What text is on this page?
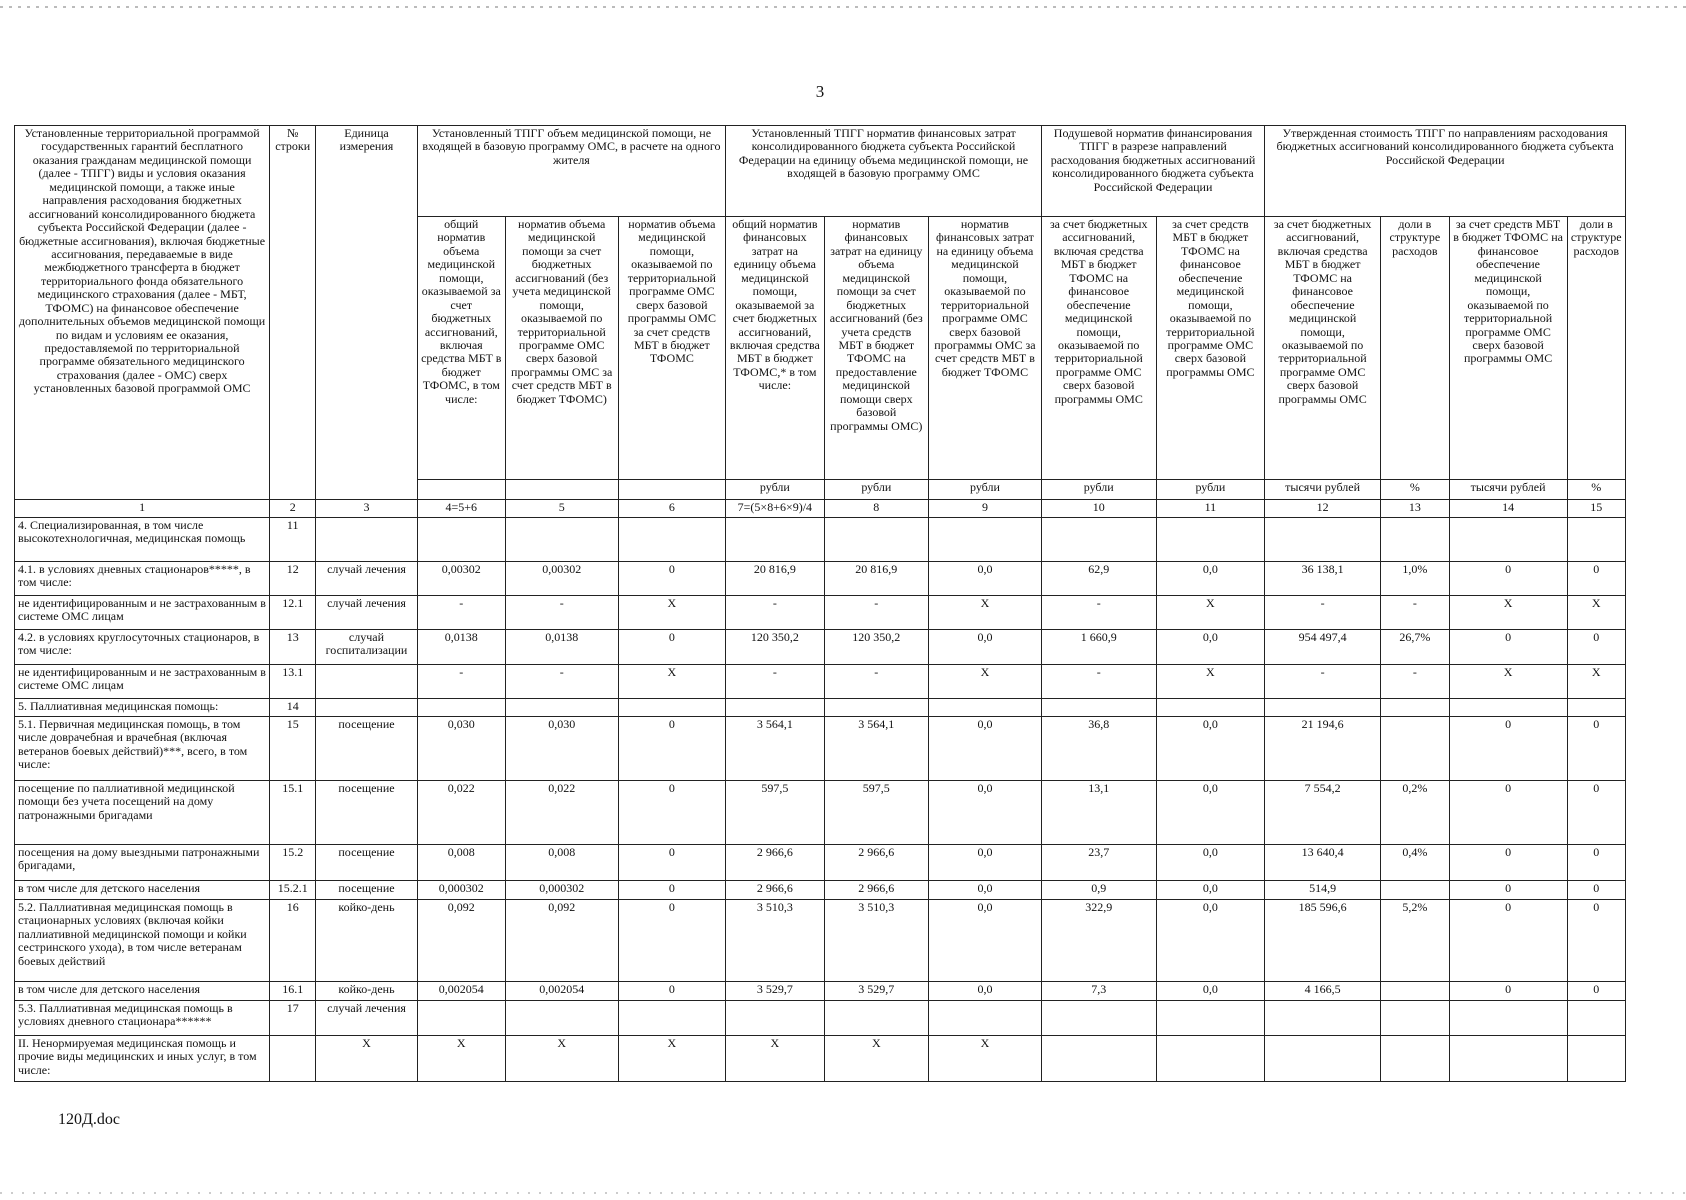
3
Установленные территориальной программой государственных гарантий бесплатного оказания гражданам медицинской помощи (далее - ТПГГ) виды и условия оказания медицинской помощи, а также иные направления расходования бюджетных ассигнований консолидированного бюджета субъекта Российской Федерации (далее - бюджетные ассигнования), включая бюджетные ассигнования, передаваемые в виде межбюджетного трансферта в бюджет территориального фонда обязательного медицинского страхования (далее - МБТ, ТФОМС) на финансовое обеспечение дополнительных объемов медицинской помощи по видам и условиям ее оказания, предоставляемой по территориальной программе обязательного медицинского страхования (далее - ОМС) сверх установленных базовой программой ОМС	№ строки	Единица измерения	Установленный ТПГГ объем медицинской помощи, не входящей в базовую программу ОМС, в расчете на одного жителя			Установленный ТПГГ норматив финансовых затрат консолидированного бюджета субъекта Российской Федерации на единицу объема медицинской помощи, не входящей в базовую программу ОМС			Подушевой норматив финансирования ТПГГ в разрезе направлений расходования бюджетных ассигнований консолидированного бюджета субъекта Российской Федерации		Утвержденная стоимость ТПГГ по направлениям расходования бюджетных ассигнований консолидированного бюджета субъекта Российской Федерации			
			общий норматив объема медицинской помощи, оказываемой за счет бюджетных ассигнований, включая средства МБТ в бюджет ТФОМС, в том числе:	норматив объема медицинской помощи за счет бюджетных ассигнований (без учета медицинской помощи, оказываемой по территориальной программе ОМС сверх базовой программы ОМС за счет средств МБТ в бюджет ТФОМС)	норматив объема медицинской помощи, оказываемой по территориальной программе ОМС сверх базовой программы ОМС за счет средств МБТ в бюджет ТФОМС	общий норматив финансовых затрат на единицу объема медицинской помощи, оказываемой за счет бюджетных ассигнований, включая средства МБТ в бюджет ТФОМС,* в том числе:	норматив финансовых затрат на единицу объема медицинской помощи за счет бюджетных ассигнований (без учета средств МБТ в бюджет ТФОМС на предоставление медицинской помощи сверх базовой программы ОМС)	норматив финансовых затрат на единицу объема медицинской помощи, оказываемой по территориальной программе ОМС сверх базовой программы ОМС за счет средств МБТ в бюджет ТФОМС	за счет бюджетных ассигнований, включая средства МБТ в бюджет ТФОМС на финансовое обеспечение медицинской помощи, оказываемой по территориальной программе ОМС сверх базовой программы ОМС	за счет средств МБТ в бюджет ТФОМС на финансовое обеспечение медицинской помощи, оказываемой по территориальной программе ОМС сверх базовой программы ОМС	за счет бюджетных ассигнований, включая средства МБТ в бюджет ТФОМС на финансовое обеспечение медицинской помощи, оказываемой по территориальной программе ОМС сверх базовой программы ОМС	доли в структуре расходов	за счет средств МБТ в бюджет ТФОМС на финансовое обеспечение медицинской помощи, оказываемой по территориальной программе ОМС сверх базовой программы ОМС	доли в структуре расходов
						рубли	рубли	рубли	рубли	рубли	тысячи рублей	%	тысячи рублей	%
1	2	3	4=5+6	5	6	7=(5×8+6×9)/4	8	9	10	11	12	13	14	15
4. Специализированная, в том числе высокотехнологичная, медицинская помощь	11													
4.1. в условиях дневных стационаров*****, в том числе:	12	случай лечения	0,00302	0,00302	0	20 816,9	20 816,9	0,0	62,9	0,0	36 138,1	1,0%	0	0
не идентифицированным и не застрахованным в системе ОМС лицам	12.1	случай лечения	-	-	X	-	-	X	-	X	-	-	X	X
4.2. в условиях круглосуточных стационаров, в том числе:	13	случай госпитализации	0,0138	0,0138	0	120 350,2	120 350,2	0,0	1 660,9	0,0	954 497,4	26,7%	0	0
не идентифицированным и не застрахованным в системе ОМС лицам	13.1		-	-	X	-	-	X	-	X	-	-	X	X
5. Паллиативная медицинская помощь:	14													
5.1. Первичная медицинская помощь, в том числе доврачебная и врачебная (включая ветеранов боевых действий)***, всего, в том числе:	15	посещение	0,030	0,030	0	3 564,1	3 564,1	0,0	36,8	0,0	21 194,6		0	0
посещение по паллиативной медицинской помощи без учета посещений на дому патронажными бригадами	15.1	посещение	0,022	0,022	0	597,5	597,5	0,0	13,1	0,0	7 554,2	0,2%	0	0
посещения на дому выездными патронажными бригадами,	15.2	посещение	0,008	0,008	0	2 966,6	2 966,6	0,0	23,7	0,0	13 640,4	0,4%	0	0
в том числе для детского населения	15.2.1	посещение	0,000302	0,000302	0	2 966,6	2 966,6	0,0	0,9	0,0	514,9		0	0
5.2. Паллиативная медицинская помощь в стационарных условиях (включая койки паллиативной медицинской помощи и койки сестринского ухода), в том числе ветеранам боевых действий	16	койко-день	0,092	0,092	0	3 510,3	3 510,3	0,0	322,9	0,0	185 596,6	5,2%	0	0
в том числе для детского населения	16.1	койко-день	0,002054	0,002054	0	3 529,7	3 529,7	0,0	7,3	0,0	4 166,5		0	0
5.3. Паллиативная медицинская помощь в условиях дневного стационара******	17	случай лечения												
II. Ненормируемая медицинская помощь и прочие виды медицинских и иных услуг, в том числе:		X	X	X	X	X	X	X						
120Д.doc
